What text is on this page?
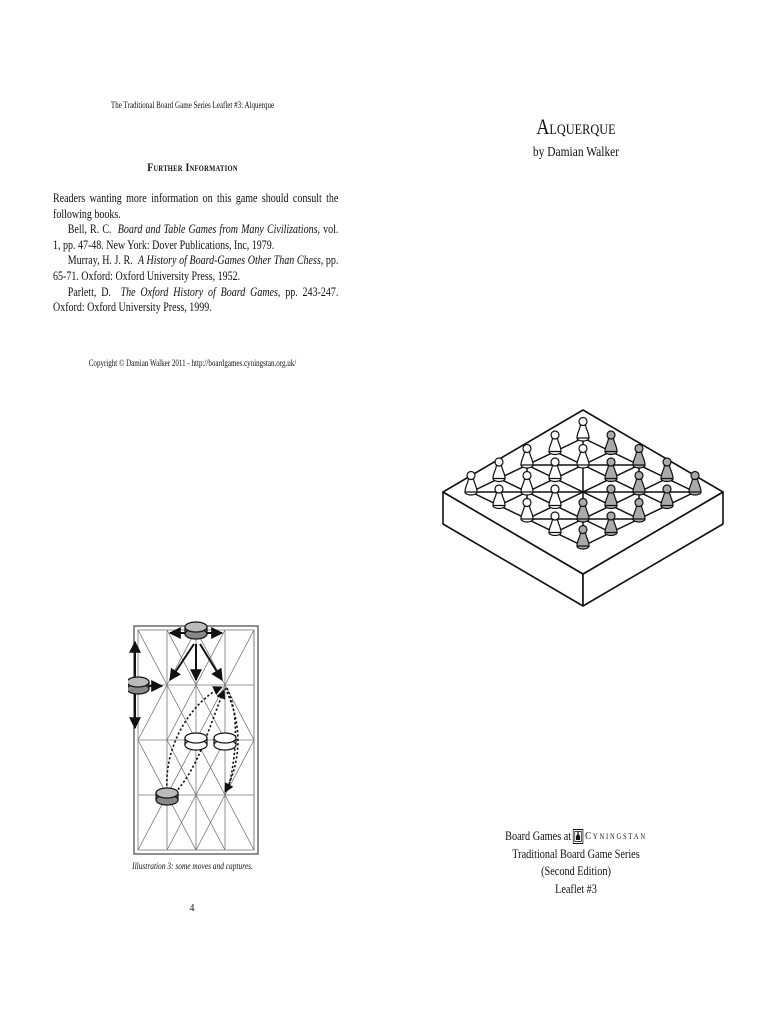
The Traditional Board Game Series Leaflet #3: Alquerque
Further Information

Readers wanting more information on this game should consult the following books.

Bell, R. C. Board and Table Games from Many Civilizations, vol. 1, pp. 47-48. New York: Dover Publications, Inc, 1979.

Murray, H. J. R. A History of Board-Games Other Than Chess, pp. 65-71. Oxford: Oxford University Press, 1952.

Parlett, D. The Oxford History of Board Games, pp. 243-247. Oxford: Oxford University Press, 1999.

Copyright © Damian Walker 2011 - http://boardgames.cyningstan.org.uk/
Illustration 3: some moves and captures.
4
Alquerque
by Damian Walker
Board Games at Cyningstan
Traditional Board Game Series
(Second Edition)
Leaflet #3
